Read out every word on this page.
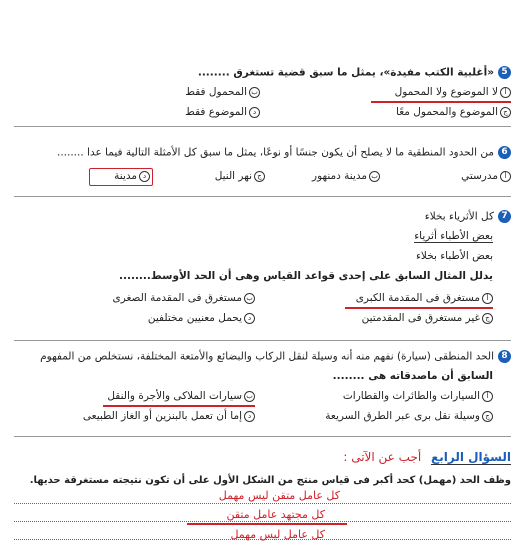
5«أغلبية الكتب مفيدة»، يمثل ما سبق قضية تستغرق ........
ألا الموضوع ولا المحمول
بالمحمول فقط
جالموضوع والمحمول معًا
دالموضوع فقط
6من الحدود المنطقية ما لا يصلح أن يكون جنسًا أو نوعًا، يمثل ما سبق كل الأمثلة التالية فيما عدا ........
أمدرستي
بمدينة دمنهور
جنهر النيل
دمدينة
7كل الأثرياء بخلاء
بعض الأطباء أثرياء
بعض الأطباء بخلاء
يدلل المثال السابق على إحدى قواعد القياس وهى أن الحد الأوسط........
أمستغرق فى المقدمة الكبرى
بمستغرق فى المقدمة الصغرى
جغير مستغرق فى المقدمتين
ديحمل معنيين مختلفين
8الحد المنطقى (سيارة) نفهم منه أنه وسيلة لنقل الركاب والبضائع والأمتعة المختلفة، نستخلص من المفهوم
السابق أن ماصدقاته هى ........
أالسيارات والطائرات والقطارات
بسيارات الملاكى والأجرة والنقل
جوسيلة نقل برى عبر الطرق السريعة
دإما أن تعمل بالبنزين أو الغاز الطبيعى
السؤال الرابع أجب عن الآتى :
وظف الحد (مهمل) كحد أكبر فى قياس منتج من الشكل الأول على أن تكون نتيجته مستغرقة حديها.
كل عامل متقن ليس مهمل
كل مجتهد عامل متقن
كل عامل ليس مهمل
